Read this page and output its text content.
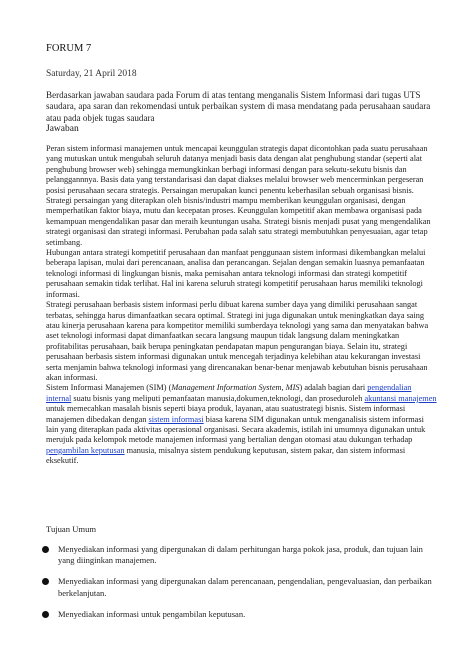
FORUM 7
Saturday, 21 April 2018
Berdasarkan jawaban saudara pada Forum di atas tentang menganalis Sistem Informasi dari tugas UTS saudara, apa saran dan rekomendasi untuk perbaikan system di masa mendatang pada perusahaan saudara atau pada objek tugas saudara
Jawaban

Peran sistem informasi manajemen untuk mencapai keunggulan strategis dapat dicontohkan pada suatu perusahaan yang mutuskan untuk mengubah seluruh datanya menjadi basis data dengan alat penghubung standar (seperti alat penghubung browser web) sehingga memungkinkan berbagi informasi dengan para sekutu-sekutu bisnis dan pelanggannnya. Basis data yang terstandarisasi dan dapat diakses melalui browser web mencerminkan pergeseran posisi perusahaan secara strategis. Persaingan merupakan kunci penentu keberhasilan sebuah organisasi bisnis. Strategi persaingan yang diterapkan oleh bisnis/industri mampu memberikan keunggulan organisasi, dengan memperhatikan faktor biaya, mutu dan kecepatan proses. Keunggulan kompetitif akan membawa organisasi pada kemampuan mengendalikan pasar dan meraih keuntungan usaha. Strategi bisnis menjadi pusat yang mengendalikan strategi organisasi dan strategi informasi. Perubahan pada salah satu strategi membutuhkan penyesuaian, agar tetap setimbang.

Hubungan antara strategi kompetitif perusahaan dan manfaat penggunaan sistem informasi dikembangkan melalui beberapa lapisan, mulai dari perencanaan, analisa dan perancangan. Sejalan dengan semakin luasnya pemanfaatan teknologi informasi di lingkungan bisnis, maka pemisahan antara teknologi informasi dan strategi kompetitif perusahaan semakin tidak terlihat. Hal ini karena seluruh strategi kompetitif perusahaan harus memiliki teknologi informasi.

Strategi perusahaan berbasis sistem informasi perlu dibuat karena sumber daya yang dimiliki perusahaan sangat terbatas, sehingga harus dimanfaatkan secara optimal. Strategi ini juga digunakan untuk meningkatkan daya saing atau kinerja perusahaan karena para kompetitor memiliki sumberdaya teknologi yang sama dan menyatakan bahwa aset teknologi informasi dapat dimanfaatkan secara langsung maupun tidak langsung dalam meningkatkan profitabilitas perusahaan, baik berupa peningkatan pendapatan mapun pengurangan biaya. Selain itu, strategi perusahaan berbasis sistem informasi digunakan untuk mencegah terjadinya kelebihan atau kekurangan investasi serta menjamin bahwa teknologi informasi yang direncanakan benar-benar menjawab kebutuhan bisnis perusahaan akan informasi.

Sistem Informasi Manajemen (SIM) (Management Information System, MIS) adalah bagian dari pengendalian internal suatu bisnis yang meliputi pemanfaatan manusia,dokumen,teknologi, dan proseduroleh akuntansi manajemen untuk memecahkan masalah bisnis seperti biaya produk, layanan, atau suatustrategi bisnis. Sistem informasi manajemen dibedakan dengan sistem informasi biasa karena SIM digunakan untuk menganalisis sistem informasi lain yang diterapkan pada aktivitas operasional organisasi. Secara akademis, istilah ini umumnya digunakan untuk merujuk pada kelompok metode manajemen informasi yang bertalian dengan otomasi atau dukungan terhadap pengambilan keputusan manusia, misalnya sistem pendukung keputusan, sistem pakar, dan sistem informasi eksekutif.

Tujuan Umum
Menyediakan informasi yang dipergunakan di dalam perhitungan harga pokok jasa, produk, dan tujuan lain yang diinginkan manajemen.
Menyediakan informasi yang dipergunakan dalam perencanaan, pengendalian, pengevaluasian, dan perbaikan berkelanjutan.
Menyediakan informasi untuk pengambilan keputusan.
